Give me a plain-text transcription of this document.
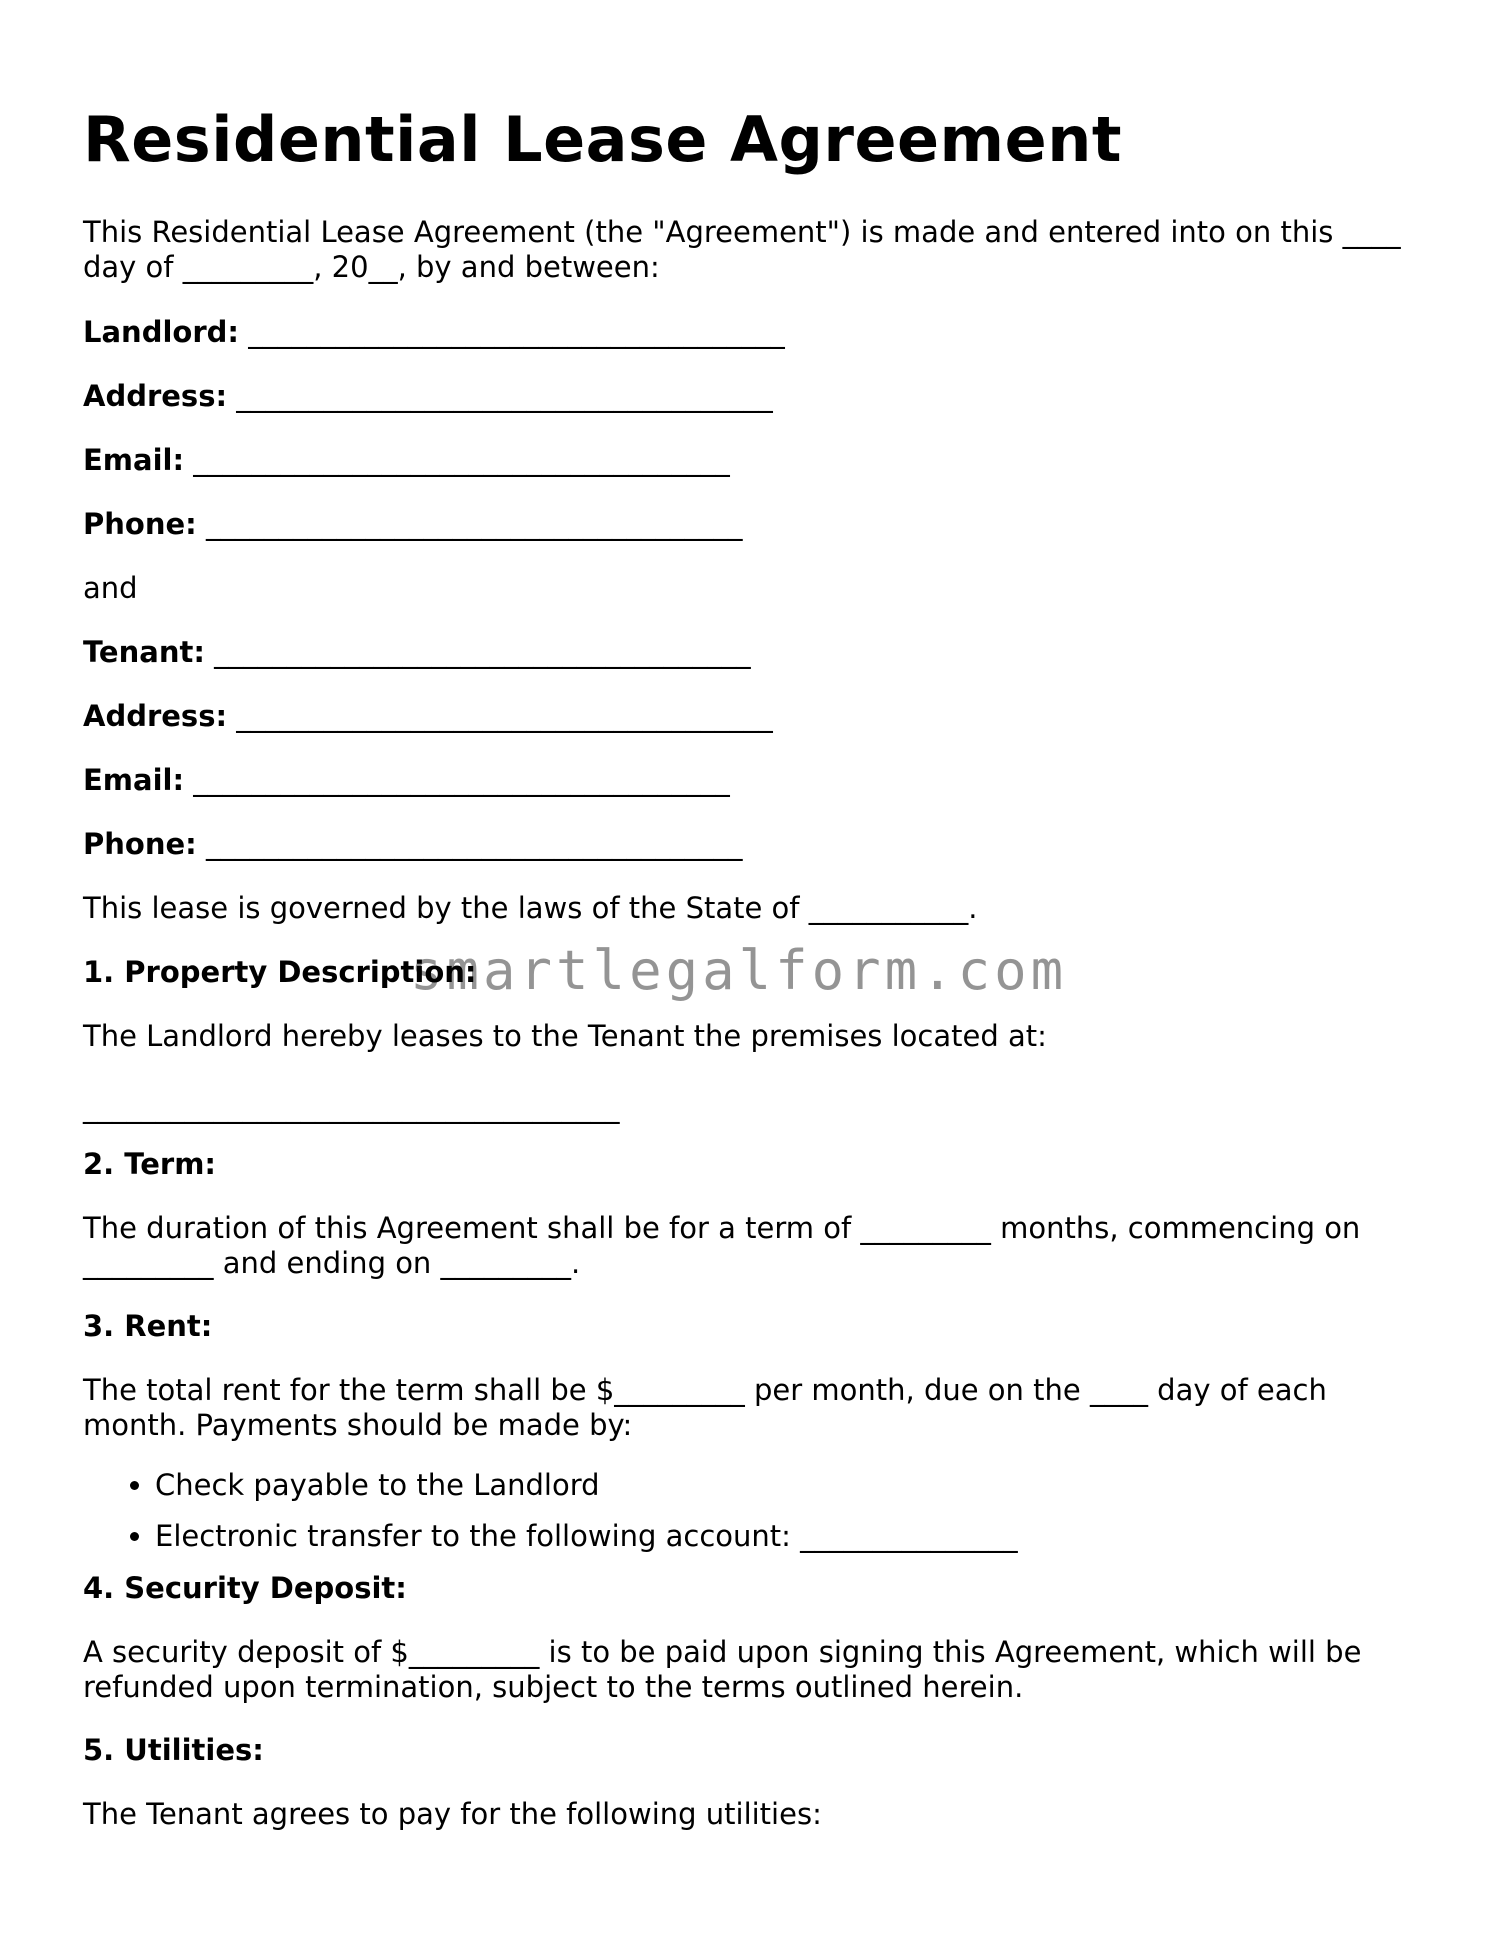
Residential Lease Agreement

This Residential Lease Agreement (the "Agreement") is made and entered into on this ____

day of _________, 20__, by and between:

Landlord: _____________________________________

Address: _____________________________________

Email: _____________________________________

Phone: _____________________________________

and

Tenant: _____________________________________

Address: _____________________________________

Email: _____________________________________

Phone: _____________________________________

This lease is governed by the laws of the State of ___________.

1. Property Description:

The Landlord hereby leases to the Tenant the premises located at:

_____________________________________

2. Term:

The duration of this Agreement shall be for a term of _________ months, commencing on

_________ and ending on _________.

3. Rent:

The total rent for the term shall be $_________ per month, due on the ____ day of each

month. Payments should be made by:

• Check payable to the Landlord
• Electronic transfer to the following account: _______________

4. Security Deposit:

A security deposit of $_________ is to be paid upon signing this Agreement, which will be

refunded upon termination, subject to the terms outlined herein.

5. Utilities:

The Tenant agrees to pay for the following utilities:

smartlegalform.com
